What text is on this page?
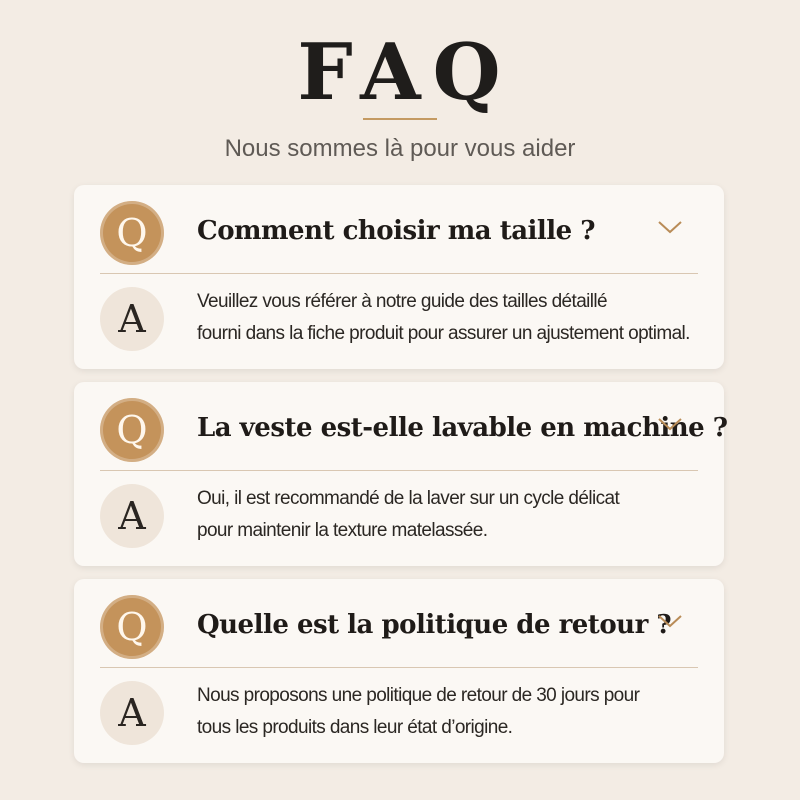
FAQ

Nous sommes là pour vous aider

Q	Comment choisir ma taille ?
A	Veuillez vous référer à notre guide des tailles détaillé
fourni dans la fiche produit pour assurer un ajustement optimal.
Q	La veste est-elle lavable en machine ?
A	Oui, il est recommandé de la laver sur un cycle délicat
pour maintenir la texture matelassée.
Q	Quelle est la politique de retour ?
A	Nous proposons une politique de retour de 30 jours pour
tous les produits dans leur état d’origine.
